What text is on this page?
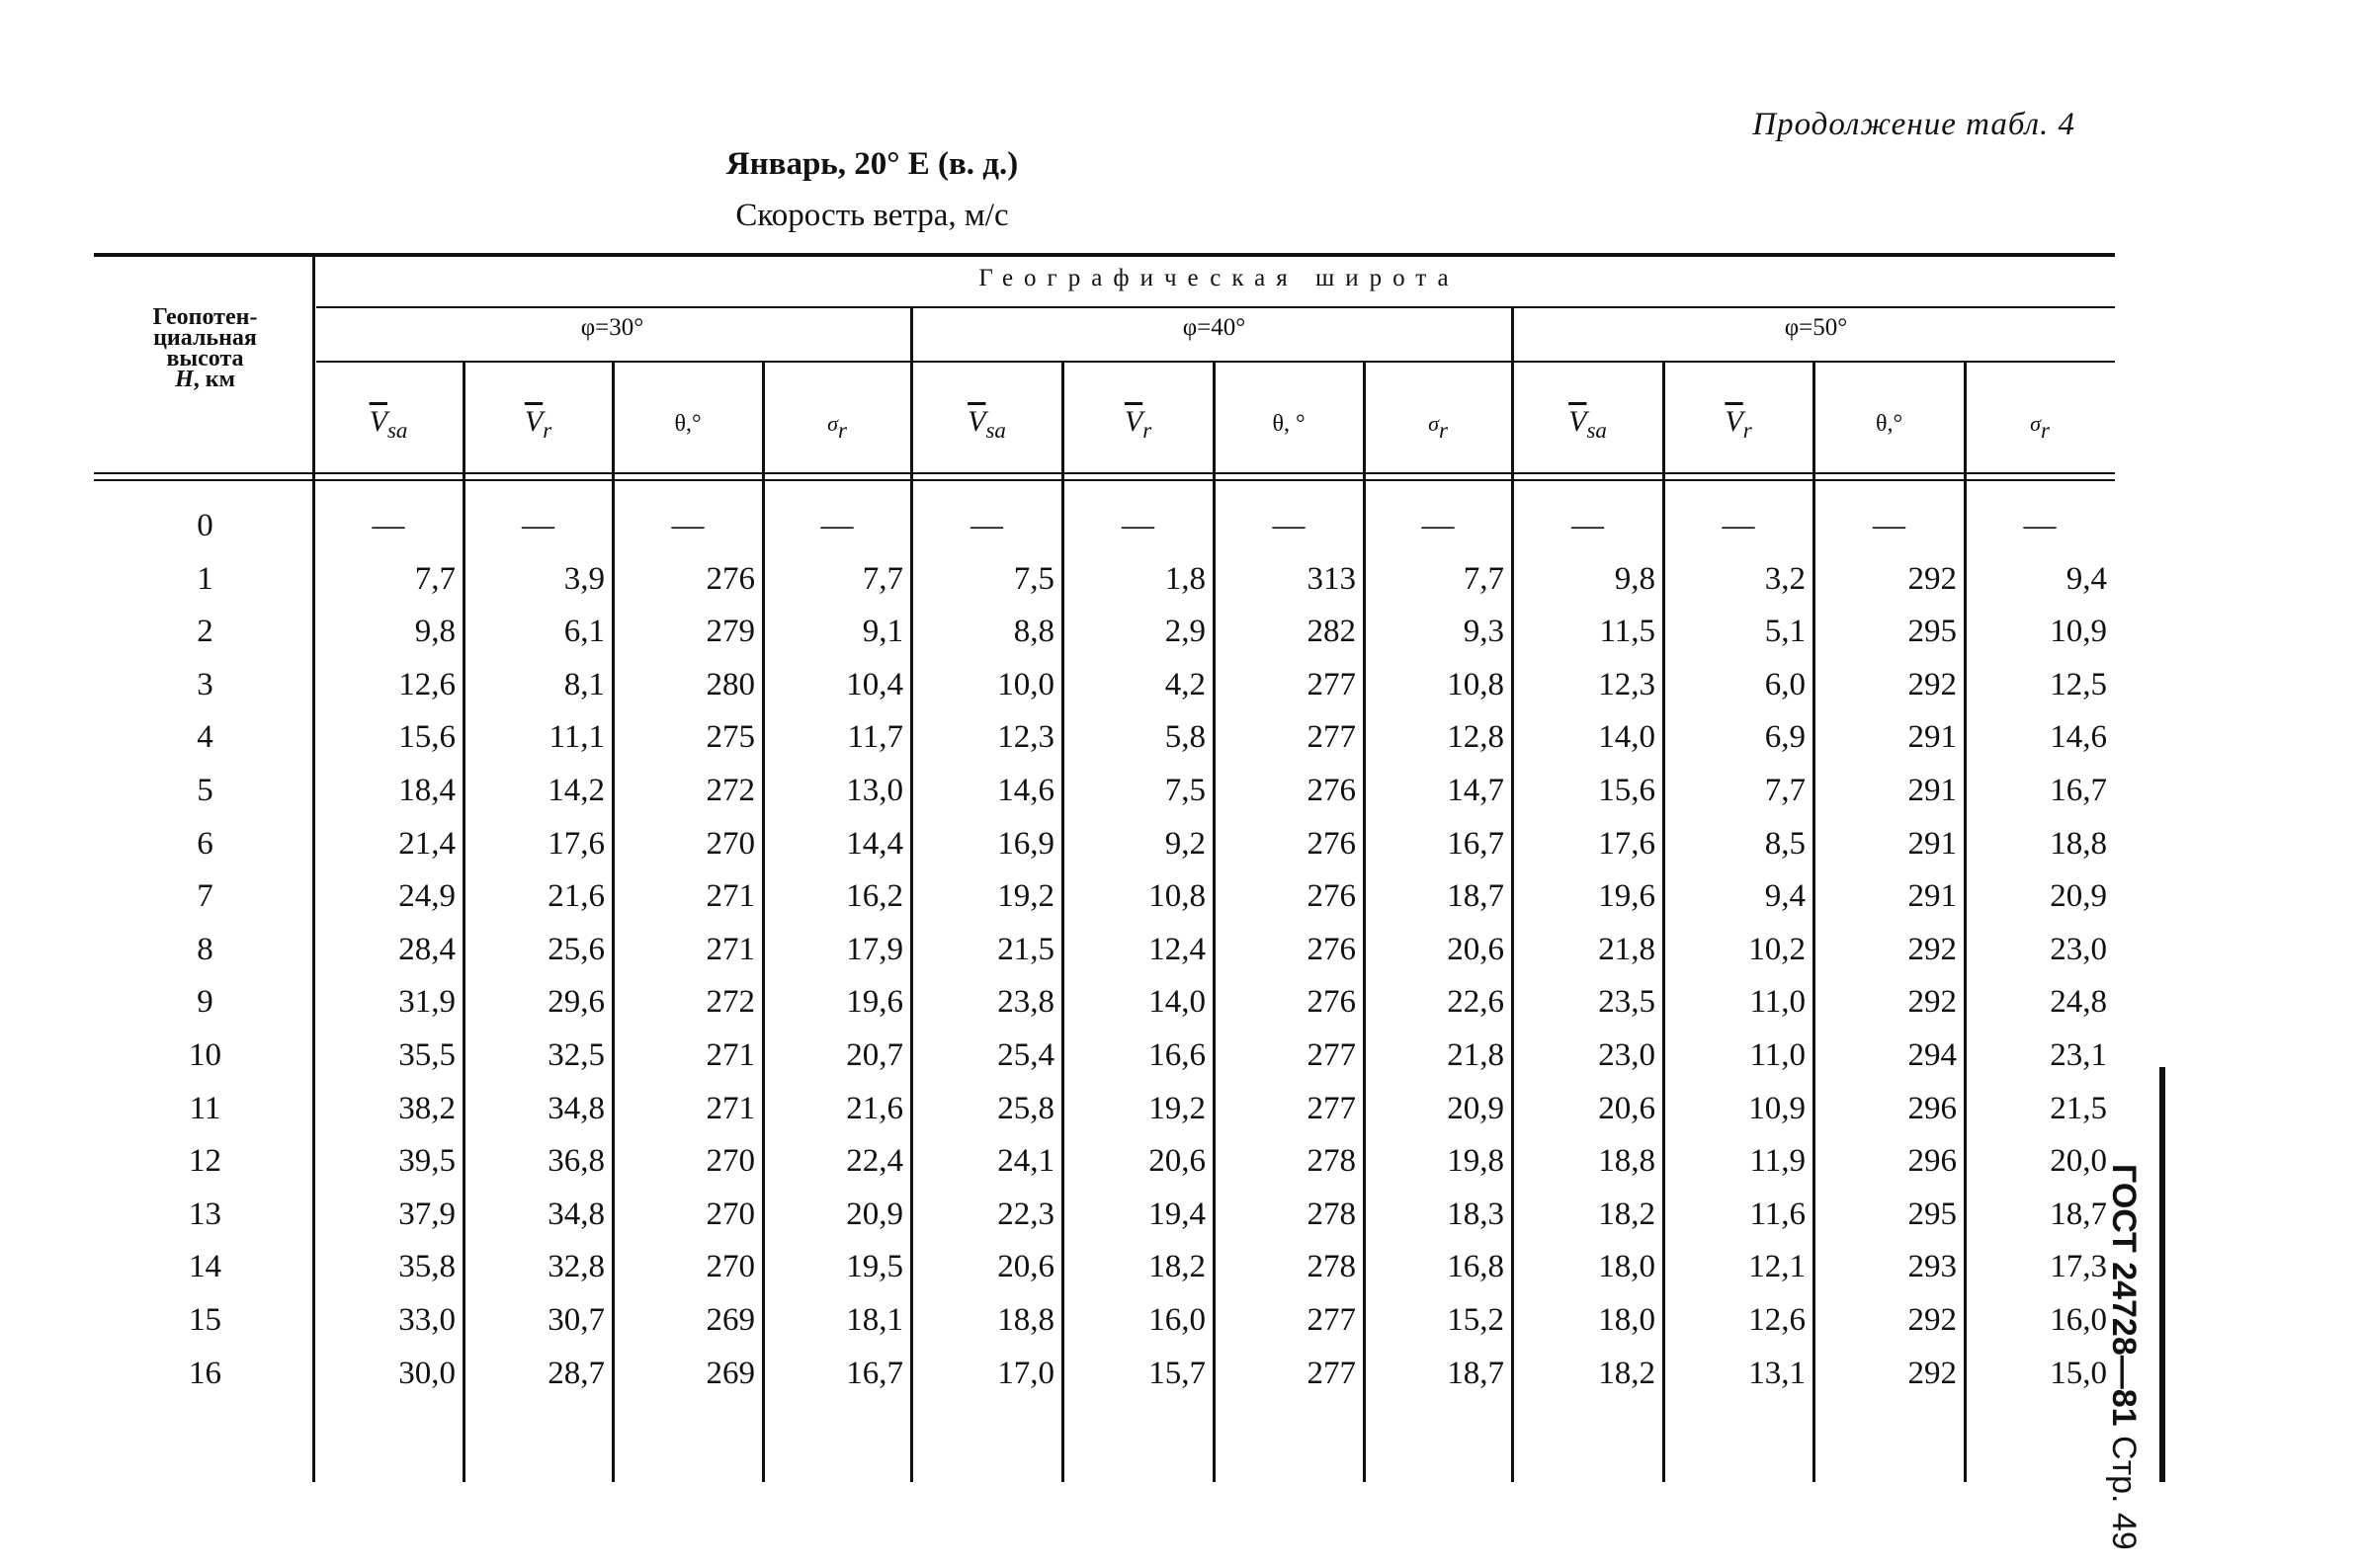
Продолжение табл. 4
Январь, 20° Е (в. д.)
Скорость ветра, м/с
Геопотен-
циальная
высота
H, км
Географическая широта
φ=30°	φ=40°	φ=50°
$\overline{V}_{sa}$	$\overline{V}_r$	θ,°	$\sigma_r$	$\overline{V}_{sa}$	$\overline{V}_r$	θ, °	$\sigma_r$	$\overline{V}_{sa}$	$\overline{V}_r$	θ,°	$\sigma_r$
0	—	—	—	—	—	—	—	—	—	—	—	—
1	7,7	3,9	276	7,7	7,5	1,8	313	7,7	9,8	3,2	292	9,4
2	9,8	6,1	279	9,1	8,8	2,9	282	9,3	11,5	5,1	295	10,9
3	12,6	8,1	280	10,4	10,0	4,2	277	10,8	12,3	6,0	292	12,5
4	15,6	11,1	275	11,7	12,3	5,8	277	12,8	14,0	6,9	291	14,6
5	18,4	14,2	272	13,0	14,6	7,5	276	14,7	15,6	7,7	291	16,7
6	21,4	17,6	270	14,4	16,9	9,2	276	16,7	17,6	8,5	291	18,8
7	24,9	21,6	271	16,2	19,2	10,8	276	18,7	19,6	9,4	291	20,9
8	28,4	25,6	271	17,9	21,5	12,4	276	20,6	21,8	10,2	292	23,0
9	31,9	29,6	272	19,6	23,8	14,0	276	22,6	23,5	11,0	292	24,8
10	35,5	32,5	271	20,7	25,4	16,6	277	21,8	23,0	11,0	294	23,1
11	38,2	34,8	271	21,6	25,8	19,2	277	20,9	20,6	10,9	296	21,5
12	39,5	36,8	270	22,4	24,1	20,6	278	19,8	18,8	11,9	296	20,0
13	37,9	34,8	270	20,9	22,3	19,4	278	18,3	18,2	11,6	295	18,7
14	35,8	32,8	270	19,5	20,6	18,2	278	16,8	18,0	12,1	293	17,3
15	33,0	30,7	269	18,1	18,8	16,0	277	15,2	18,0	12,6	292	16,0
16	30,0	28,7	269	16,7	17,0	15,7	277	18,7	18,2	13,1	292	15,0
ГОСТ 24728—81 Стр. 49
